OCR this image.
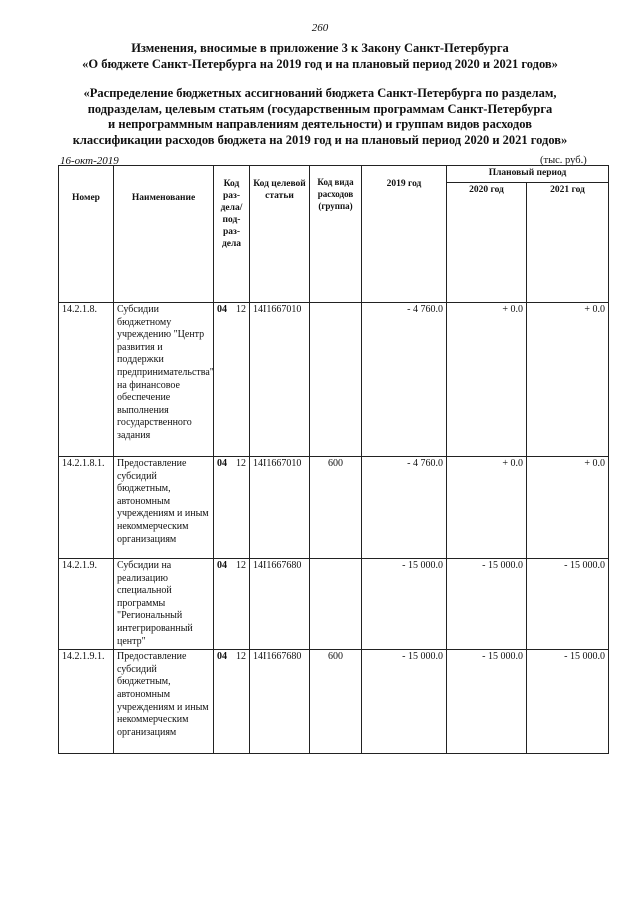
260
Изменения, вносимые в приложение 3 к Закону Санкт-Петербурга
«О бюджете Санкт-Петербурга на 2019 год и на плановый период 2020 и 2021 годов»
«Распределение бюджетных ассигнований бюджета Санкт-Петербурга по разделам,
подразделам, целевым статьям (государственным программам Санкт-Петербурга
и непрограммным направлениям деятельности) и группам видов расходов
классификации расходов бюджета на 2019 год и на плановый период 2020 и 2021 годов»
16-окт-2019	(тыс. руб.)
Номер	Наименование	Код раз-дела/ под-раз-дела	Код целевой статьи	Код вида расходов (группа)	2019 год	Плановый период	
						2020 год	2021 год
14.2.1.8.	Субсидии бюджетному учреждению "Центр развития и поддержки предпринимательства" на финансовое обеспечение выполнения государственного задания	04 12	14I1667010		- 4 760.0	+ 0.0	+ 0.0
14.2.1.8.1.	Предоставление субсидий бюджетным, автономным учреждениям и иным некоммерческим организациям	04 12	14I1667010	600	- 4 760.0	+ 0.0	+ 0.0
14.2.1.9.	Субсидии на реализацию специальной программы "Региональный интегрированный центр"	04 12	14I1667680		- 15 000.0	- 15 000.0	- 15 000.0
14.2.1.9.1.	Предоставление субсидий бюджетным, автономным учреждениям и иным некоммерческим организациям	04 12	14I1667680	600	- 15 000.0	- 15 000.0	- 15 000.0
